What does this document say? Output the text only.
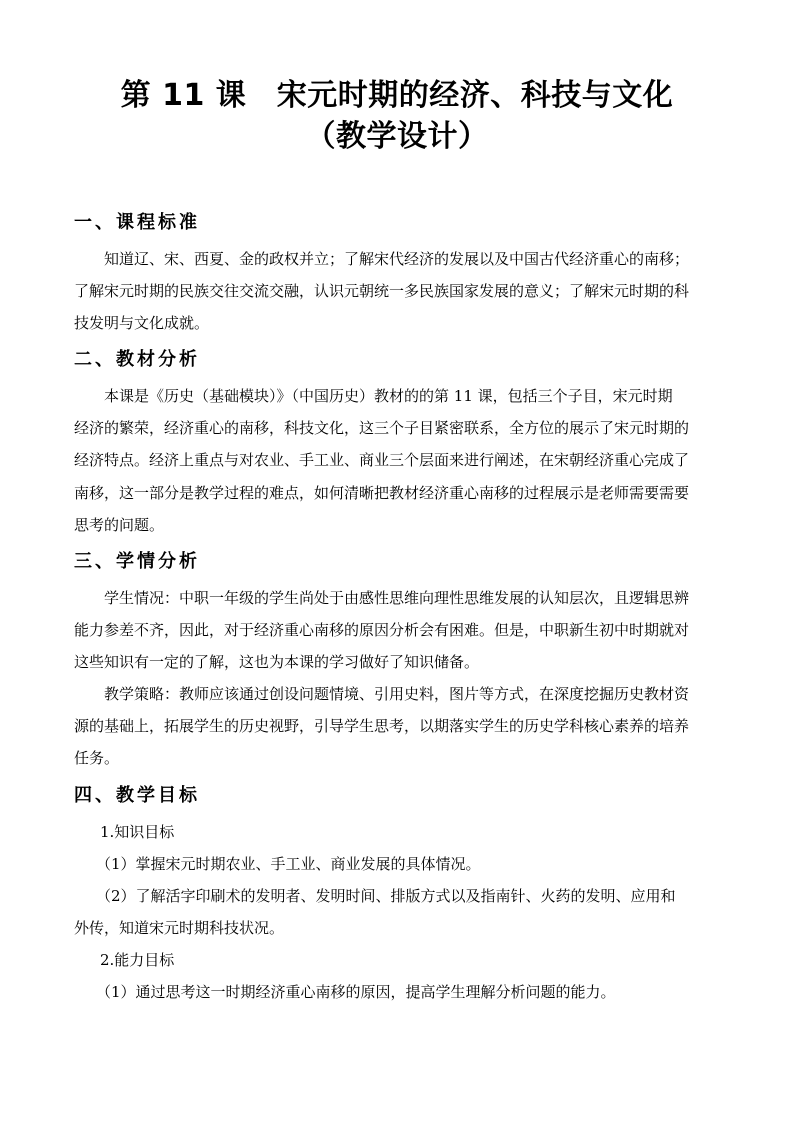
第 11 课　宋元时期的经济、科技与文化
（教学设计）
一、课程标准
知道辽、宋、西夏、金的政权并立；了解宋代经济的发展以及中国古代经济重心的南移；
了解宋元时期的民族交往交流交融，认识元朝统一多民族国家发展的意义；了解宋元时期的科
技发明与文化成就。
二、教材分析
本课是《历史（基础模块）》（中国历史）教材的的第 11 课，包括三个子目，宋元时期
经济的繁荣，经济重心的南移，科技文化，这三个子目紧密联系，全方位的展示了宋元时期的
经济特点。经济上重点与对农业、手工业、商业三个层面来进行阐述，在宋朝经济重心完成了
南移，这一部分是教学过程的难点，如何清晰把教材经济重心南移的过程展示是老师需要需要
思考的问题。
三、学情分析
学生情况：中职一年级的学生尚处于由感性思维向理性思维发展的认知层次，且逻辑思辨
能力参差不齐，因此，对于经济重心南移的原因分析会有困难。但是，中职新生初中时期就对
这些知识有一定的了解，这也为本课的学习做好了知识储备。
教学策略：教师应该通过创设问题情境、引用史料，图片等方式，在深度挖掘历史教材资
源的基础上，拓展学生的历史视野，引导学生思考，以期落实学生的历史学科核心素养的培养
任务。
四、教学目标
1.知识目标
（1）掌握宋元时期农业、手工业、商业发展的具体情况。
（2）了解活字印刷术的发明者、发明时间、排版方式以及指南针、火药的发明、应用和
外传，知道宋元时期科技状况。
2.能力目标
（1）通过思考这一时期经济重心南移的原因，提高学生理解分析问题的能力。
